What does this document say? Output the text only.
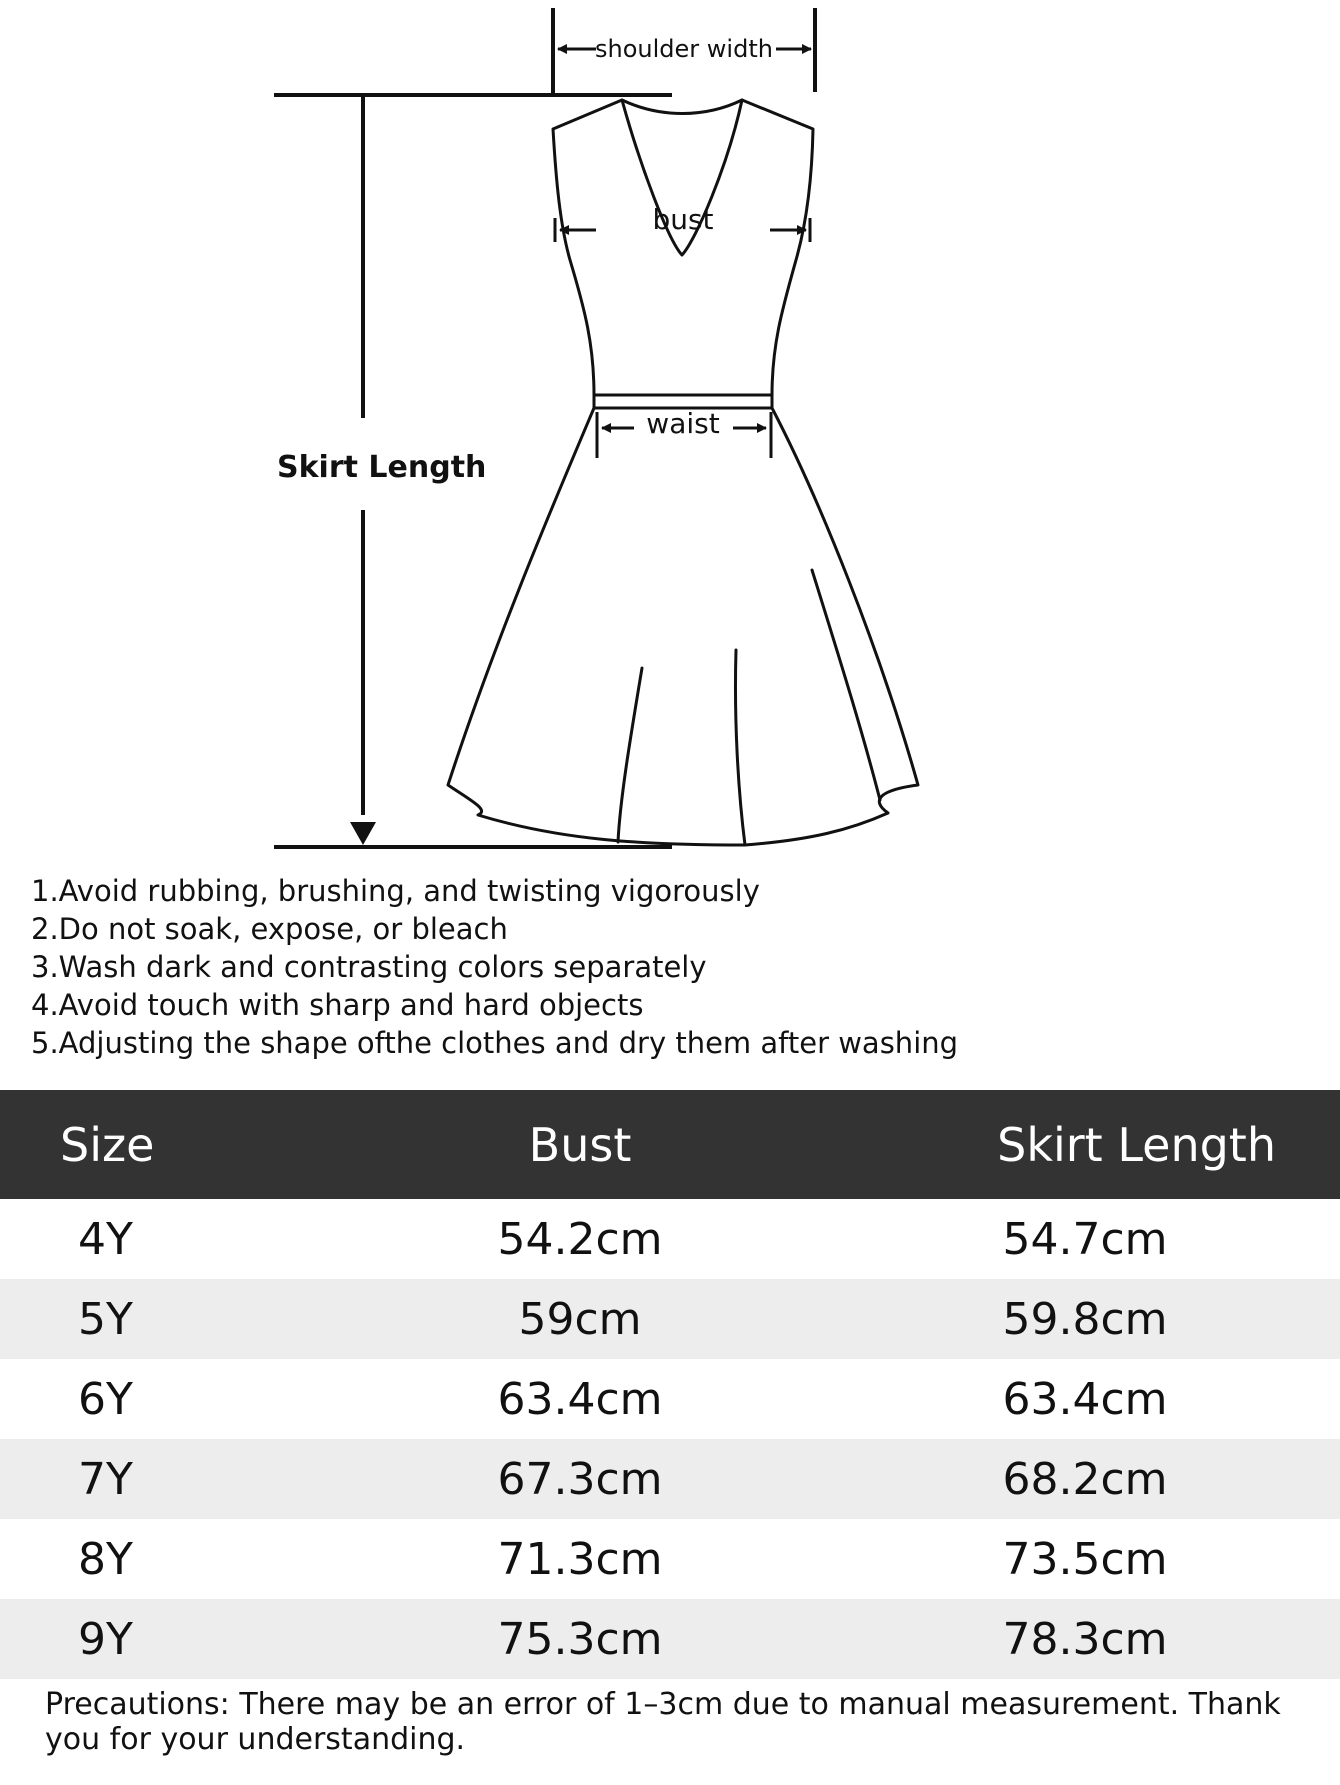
shoulder width
bust
waist
Skirt Length
1.Avoid rubbing, brushing, and twisting vigorously
2.Do not soak, expose, or bleach
3.Wash dark and contrasting colors separately
4.Avoid touch with sharp and hard objects
5.Adjusting the shape ofthe clothes and dry them after washing
Size	Bust	Skirt Length
4Y	54.2cm	54.7cm
5Y	59cm	59.8cm
6Y	63.4cm	63.4cm
7Y	67.3cm	68.2cm
8Y	71.3cm	73.5cm
9Y	75.3cm	78.3cm

Precautions: There may be an error of 1–3cm due to manual measurement. Thank you for your understanding.
